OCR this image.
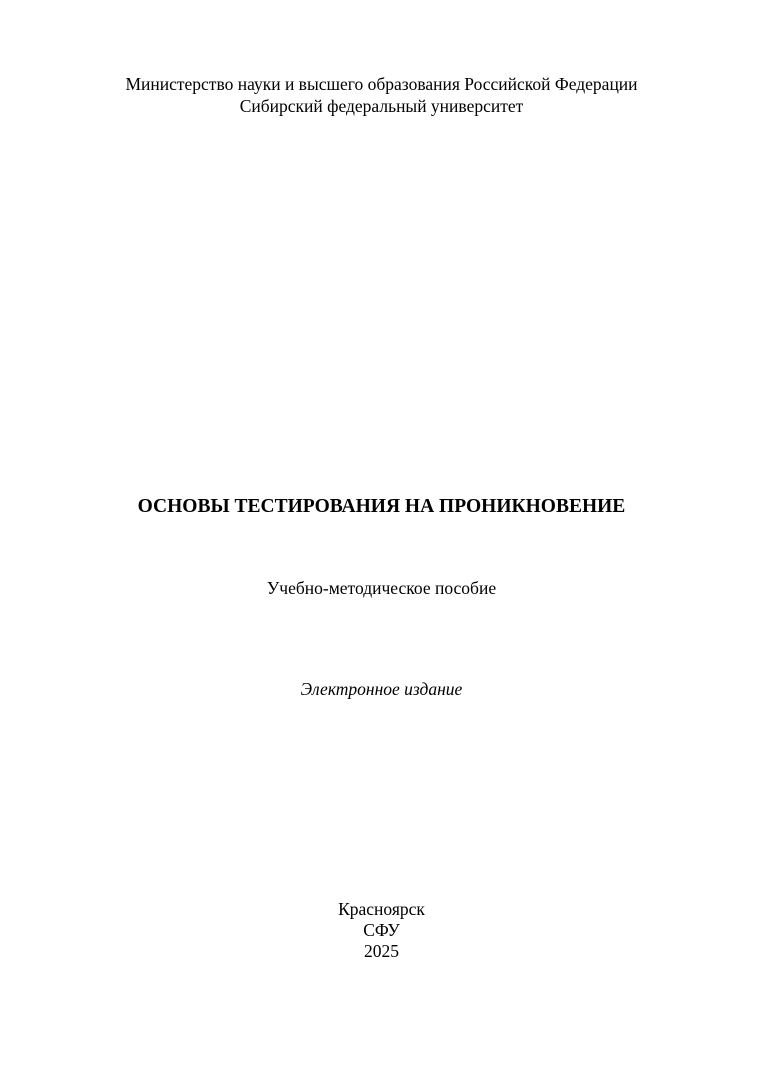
Министерство науки и высшего образования Российской Федерации
Сибирский федеральный университет
ОСНОВЫ ТЕСТИРОВАНИЯ НА ПРОНИКНОВЕНИЕ
Учебно-методическое пособие
Электронное издание
Красноярск
СФУ
2025
